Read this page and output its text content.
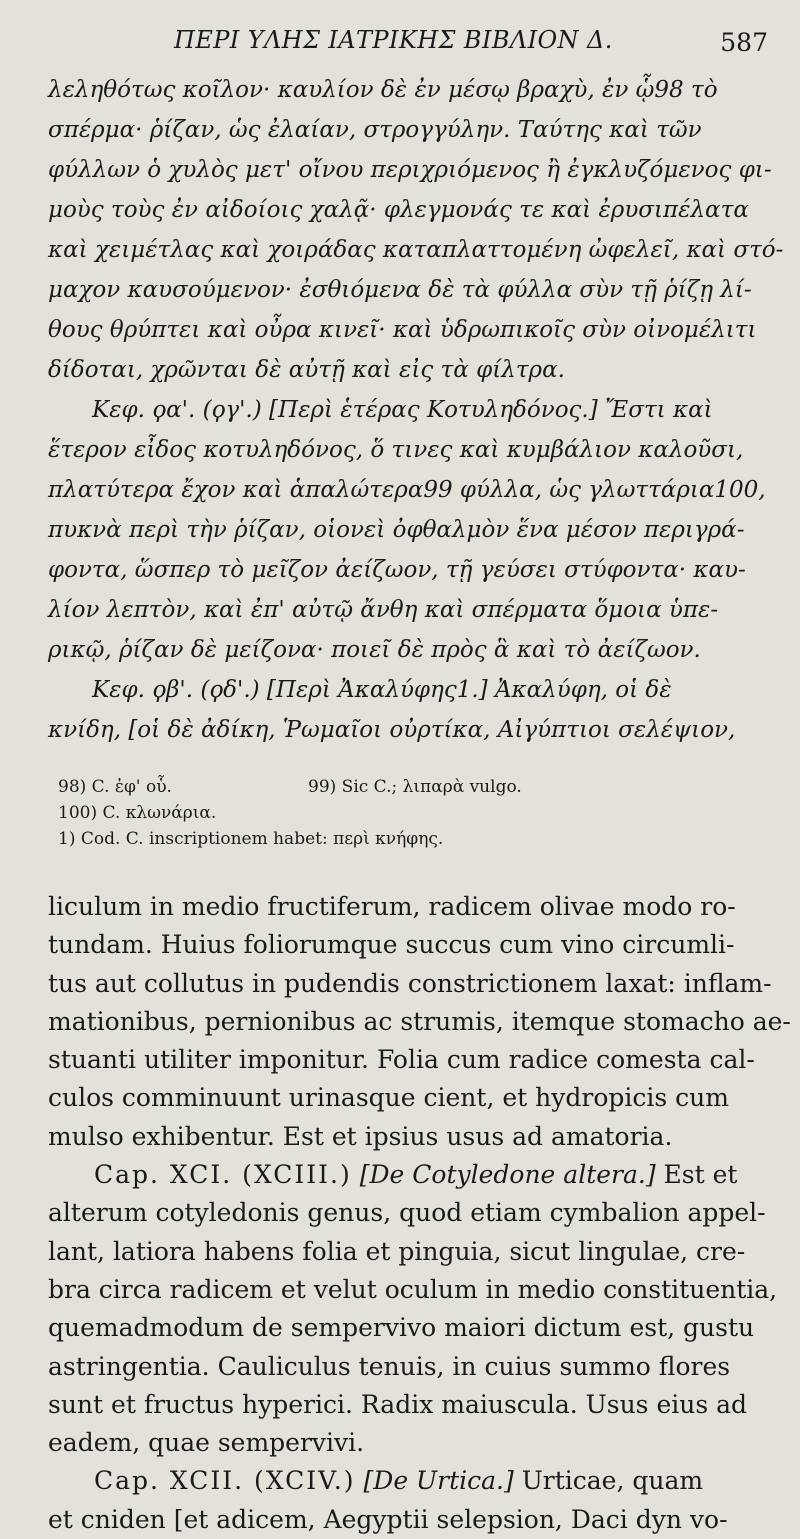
ΠΕΡΙ ΥΛΗΣ ΙΑΤΡΙΚΗΣ ΒΙΒΛΙΟΝ Δ.	587

λεληθότως κοῖλον· καυλίον δὲ ἐν μέσῳ βραχὺ, ἐν ᾧ98 τὸ
σπέρμα· ῥίζαν, ὡς ἐλαίαν, στρογγύλην. Ταύτης καὶ τῶν
φύλλων ὁ χυλὸς μετ' οἴνου περιχριόμενος ἢ ἐγκλυζόμενος φι-
μοὺς τοὺς ἐν αἰδοίοις χαλᾷ· φλεγμονάς τε καὶ ἐρυσιπέλατα
καὶ χειμέτλας καὶ χοιράδας καταπλαττομένη ὠφελεῖ, καὶ στό-
μαχον καυσούμενον· ἐσθιόμενα δὲ τὰ φύλλα σὺν τῇ ῥίζῃ λί-
θους θρύπτει καὶ οὖρα κινεῖ· καὶ ὑδρωπικοῖς σὺν οἰνομέλιτι
δίδοται, χρῶνται δὲ αὐτῇ καὶ εἰς τὰ φίλτρα.

Κεφ. ϙα'. (ϙγ'.) [Περὶ ἑτέρας Κοτυληδόνος.] Ἔστι καὶ
ἕτερον εἶδος κοτυληδόνος, ὅ τινες καὶ κυμβάλιον καλοῦσι,
πλατύτερα ἔχον καὶ ἁπαλώτερα99 φύλλα, ὡς γλωττάρια100,
πυκνὰ περὶ τὴν ῥίζαν, οἱονεὶ ὀφθαλμὸν ἕνα μέσον περιγρά-
φοντα, ὥσπερ τὸ μεῖζον ἀείζωον, τῇ γεύσει στύφοντα· καυ-
λίον λεπτὸν, καὶ ἐπ' αὐτῷ ἄνθη καὶ σπέρματα ὅμοια ὑπε-
ρικῷ, ῥίζαν δὲ μείζονα· ποιεῖ δὲ πρὸς ἃ καὶ τὸ ἀείζωον.

Κεφ. ϙβ'. (ϙδ'.) [Περὶ Ἀκαλύφης1.] Ἀκαλύφη, οἱ δὲ
κνίδη, [οἱ δὲ ἀδίκη, Ῥωμαῖοι οὐρτίκα, Αἰγύπτιοι σελέψιον,

98) C. ἐφ' οὗ.	99) Sic C.; λιπαρὰ vulgo.
100) C. κλωνάρια.
1) Cod. C. inscriptionem habet: περὶ κνήφης.

liculum in medio fructiferum, radicem olivae modo ro-
tundam. Huius foliorumque succus cum vino circumli-
tus aut collutus in pudendis constrictionem laxat: inflam-
mationibus, pernionibus ac strumis, itemque stomacho ae-
stuanti utiliter imponitur. Folia cum radice comesta cal-
culos comminuunt urinasque cient, et hydropicis cum
mulso exhibentur. Est et ipsius usus ad amatoria.

Cap. XCI. (XCIII.) [De Cotyledone altera.] Est et
alterum cotyledonis genus, quod etiam cymbalion appel-
lant, latiora habens folia et pinguia, sicut lingulae, cre-
bra circa radicem et velut oculum in medio constituentia,
quemadmodum de sempervivo maiori dictum est, gustu
astringentia. Cauliculus tenuis, in cuius summo flores
sunt et fructus hyperici. Radix maiuscula. Usus eius ad
eadem, quae sempervivi.

Cap. XCII. (XCIV.) [De Urtica.] Urticae, quam
et cniden [et adicem, Aegyptii selepsion, Daci dyn vo-
